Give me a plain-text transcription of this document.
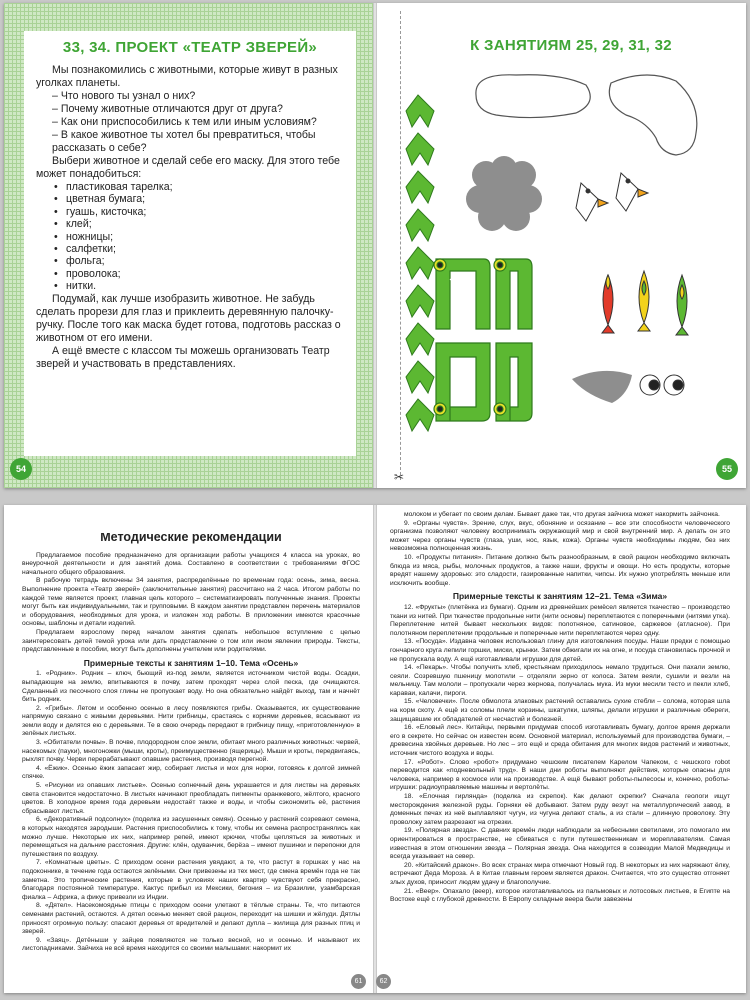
33, 34. ПРОЕКТ «ТЕАТР ЗВЕРЕЙ»
Мы познакомились с животными, которые живут в разных уголках планеты.
– Что нового ты узнал о них?
– Почему животные отличаются друг от друга?
– Как они приспособились к тем или иным условиям?
– В какое животное ты хотел бы превратиться, чтобы рассказать о себе?
Выбери животное и сделай себе его маску. Для этого тебе может понадобиться:
• пластиковая тарелка;
• цветная бумага;
• гуашь, кисточка;
• клей;
• ножницы;
• салфетки;
• фольга;
• проволока;
• нитки.
Подумай, как лучше изобразить животное. Не забудь сделать прорези для глаз и приклеить деревянную палочку-ручку. После того как маска будет готова, подготовь рассказ о животном от его имени.
А ещё вместе с классом ты можешь организовать Театр зверей и участвовать в представлениях.
54
✂
К ЗАНЯТИЯМ 25, 29, 31, 32
55
Методические рекомендации

Предлагаемое пособие предназначено для организации работы учащихся 4 класса на уроках, во внеурочной деятельности и для занятий дома. Составлено в соответствии с требованиями ФГОС начального общего образования.

В рабочую тетрадь включены 34 занятия, распределённые по временам года: осень, зима, весна. Выполнение проекта «Театр зверей» (заключительные занятия) рассчитано на 2 часа. Итогом работы по каждой теме является проект, главная цель которого – систематизировать полученные знания. Проекты могут быть как индивидуальными, так и групповыми. В каждом занятии представлен перечень материалов и оборудования, необходимых для урока, и изложен ход работы. В приложении имеются красочные основы, шаблоны и детали изделий.

Предлагаем взрослому перед началом занятия сделать небольшое вступление с целью заинтересовать детей темой урока или дать представление о том или ином явлении природы. Тексты, представленные в пособии, могут быть дополнены учителем или родителями.

Примерные тексты к занятиям 1–10. Тема «Осень»

1. «Родник». Родник – ключ, бьющий из-под земли, является источником чистой воды. Осадки, выпадающие на землю, впитываются в почву, затем проходят через слой песка, где очищаются. Сделанный из песочного слоя глины не пропускает воду. Но она обязательно найдёт выход, там и начнёт бить родник.

2. «Грибы». Летом и особенно осенью в лесу появляются грибы. Оказывается, их существование напрямую связано с живыми деревьями. Нити грибницы, срастаясь с корнями деревьев, всасывают из земли воду и делятся ею с деревьями. Те в свою очередь передают в грибницу пищу, «приготовленную» в зелёных листьях.

3. «Обитатели почвы». В почве, плодородном слое земли, обитает много различных животных: червей, насекомых (пауки), многоножки (мыши, кроты), преимущественно (ящерицы). Мыши и кроты, передвигаясь, рыхлят почву. Черви перерабатывают опавшие растения, производя перегной.

4. «Ёжик». Осенью ёжик запасает жир, собирает листья и мох для норки, готовясь к долгой зимней спячке.

5. «Рисунки из опавших листьев». Осенью солнечный день украшается и для листвы на деревьях света становится недостаточно. В листьях начинают преобладать пигменты оранжевого, жёлтого, красного цветов. В холодное время года деревьям недостаёт также и воды, и чтобы сэкономить её, растения сбрасывают листья.

6. «Декоративный подсолнух» (поделка из засушенных семян). Осенью у растений созревают семена, в которых находятся зародыши. Растения приспособились к тому, чтобы их семена распространялись как можно лучше. Некоторые их них, например репей, имеют крючки, чтобы цепляться за животных и перемещаться на дальние расстояния. Другие: клён, одуванчик, берёза – имеют пушинки и перепонки для путешествия по воздуху.

7. «Комнатные цветы». С приходом осени растения увядают, а те, что растут в горшках у нас на подоконнике, в течение года остаются зелёными. Они привезены из тех мест, где смена времён года не так заметна. Это тропические растения, которые в условиях наших квартир чувствуют себя прекрасно, благодаря постоянной температуре. Кактус прибыл из Мексики, бегония – из Бразилии, узамбарская фиалка – Африка, а фикус привезли из Индии.

8. «Дятел». Насекомоядные птицы с приходом осени улетают в тёплые страны. Те, что питаются семенами растений, остаются. А дятел осенью меняет свой рацион, переходит на шишки и жёлуди. Дятлы приносят огромную пользу: спасают деревья от вредителей и делают дупла – жилища для разных птиц и зверей.

9. «Заяц». Детёныши у зайцев появляются не только весной, но и осенью. И называют их листопадниками. Зайчиха не всё время находится со своими малышами: накормит их

61

молоком и убегает по своим делам. Бывает даже так, что другая зайчиха может накормить зайчонка.

9. «Органы чувств». Зрение, слух, вкус, обоняние и осязание – все эти способности человеческого организма позволяют человеку воспринимать окружающий мир и свой внутренний мир. А делать он это может через органы чувств (глаза, уши, нос, язык, кожа). Органы чувств необходимы людям, без них невозможна полноценная жизнь.

10. «Продукты питания». Питание должно быть разнообразным, в свой рацион необходимо включать блюда из мяса, рыбы, молочных продуктов, а также наши, фрукты и овощи. Но есть продукты, которые вредят нашему здоровью: это сладости, газированные напитки, чипсы. Их нужно употреблять меньше или исключить вообще.

Примерные тексты к занятиям 12–21. Тема «Зима»

12. «Фрукты» (плетёнка из бумаги). Одним из древнейших ремёсел является ткачество – производство ткани из нитей. При ткачестве продольные нити (нити основы) переплетаются с поперечными (нитями утка). Переплетение нитей бывает нескольких видов: полотняное, сатиновое, саржевое (атласное). При полотняном переплетении продольные и поперечные нити переплетаются через одну.

13. «Посуда». Издавна человек использовал глину для изготовления посуды. Наши предки с помощью гончарного круга лепили горшки, миски, крынки. Затем обжигали их на огне, и посуда становилась прочной и не пропускала воду. А ещё изготавливали игрушки для детей.

14. «Пекарь». Чтобы получить хлеб, крестьянам приходилось немало трудиться. Они пахали землю, сеяли. Созревшую пшеницу молотили – отделяли зерно от колоса. Затем веяли, сушили и везли на мельницу. Там мололи – пропускали через жернова, получалась мука. Из муки месили тесто и пекли хлеб, караваи, калачи, пироги.

15. «Человечки». После обмолота злаковых растений оставались сухие стебли – солома, которая шла на корм скоту. А ещё из соломы плели корзины, шкатулки, шляпы, делали игрушки и различные обереги, защищавшие их обладателей от несчастий и болезней.

16. «Еловый лес». Китайцы, первыми придумав способ изготавливать бумагу, долгое время держали его в секрете. Но сейчас он известен всем. Основной материал, используемый для производства бумаги, – древесина хвойных деревьев. Но лес – это ещё и среда обитания для многих видов растений и животных, источник чистого воздуха и воды.

17. «Робот». Слово «робот» придумано чешским писателем Карелом Чапеком, с чешского robot переводится как «подневольный труд». В наши дни роботы выполняют действия, которые опасны для человека, например в космосе или на производстве. А ещё бывают роботы-пылесосы и, конечно, роботы-игрушки: радиоуправляемые машины и вертолёты.

18. «Елочная гирлянда» (поделка из скрепок). Как делают скрепки? Сначала геологи ищут месторождения железной руды. Горняки её добывают. Затем руду везут на металлургический завод, в доменных печах из неё выплавляют чугун, из чугуна делают сталь, а из стали – длинную проволоку. Эту проволоку затем разрезают на отрезки.

19. «Полярная звезда». С давних времён люди наблюдали за небесными светилами, это помогало им ориентироваться в пространстве, не сбиваться с пути путешественникам и мореплавателям. Самая известная в этом отношении звезда – Полярная звезда. Она находится в созвездии Малой Медведицы и всегда указывает на север.

20. «Китайский дракон». Во всех странах мира отмечают Новый год. В некоторых из них наряжают ёлку, встречают Деда Мороза. А в Китае главным героем является дракон. Считается, что это существо отгоняет злых духов, приносит людям удачу и благополучие.

21. «Веер». Опахало (веер), которое изготавливалось из пальмовых и лотосовых листьев, в Египте на Востоке ещё с глубокой древности. В Европу складные веера были завезены

62
